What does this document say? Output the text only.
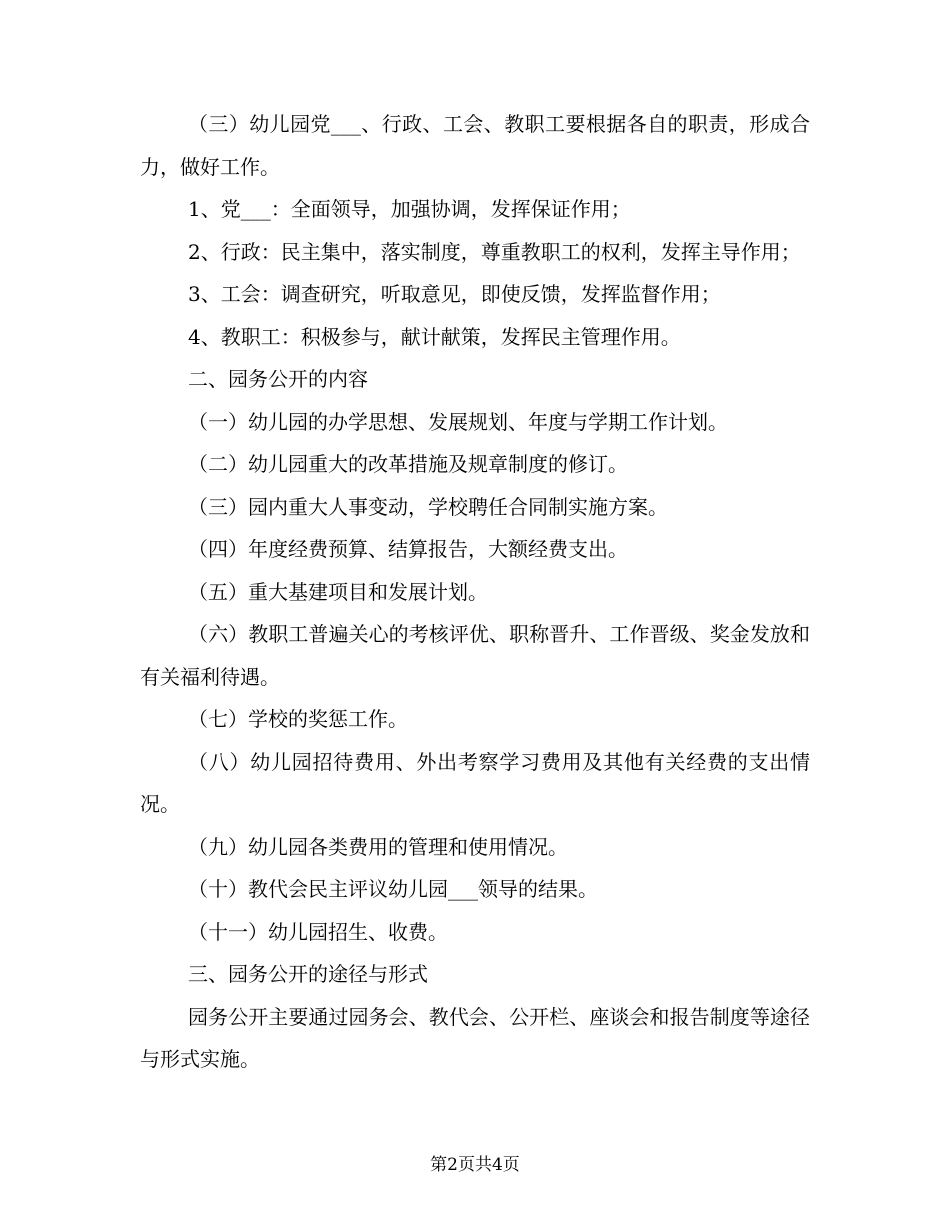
（三）幼儿园党___、行政、工会、教职工要根据各自的职责，形成合力，做好工作。

1、党___：全面领导，加强协调，发挥保证作用；

2、行政：民主集中，落实制度，尊重教职工的权利，发挥主导作用；

3、工会：调查研究，听取意见，即使反馈，发挥监督作用；

4、教职工：积极参与，献计献策，发挥民主管理作用。

二、园务公开的内容

（一）幼儿园的办学思想、发展规划、年度与学期工作计划。

（二）幼儿园重大的改革措施及规章制度的修订。

（三）园内重大人事变动，学校聘任合同制实施方案。

（四）年度经费预算、结算报告，大额经费支出。

（五）重大基建项目和发展计划。

（六）教职工普遍关心的考核评优、职称晋升、工作晋级、奖金发放和有关福利待遇。

（七）学校的奖惩工作。

（八）幼儿园招待费用、外出考察学习费用及其他有关经费的支出情况。

（九）幼儿园各类费用的管理和使用情况。

（十）教代会民主评议幼儿园___领导的结果。

（十一）幼儿园招生、收费。

三、园务公开的途径与形式

园务公开主要通过园务会、教代会、公开栏、座谈会和报告制度等途径与形式实施。

第2页共4页
